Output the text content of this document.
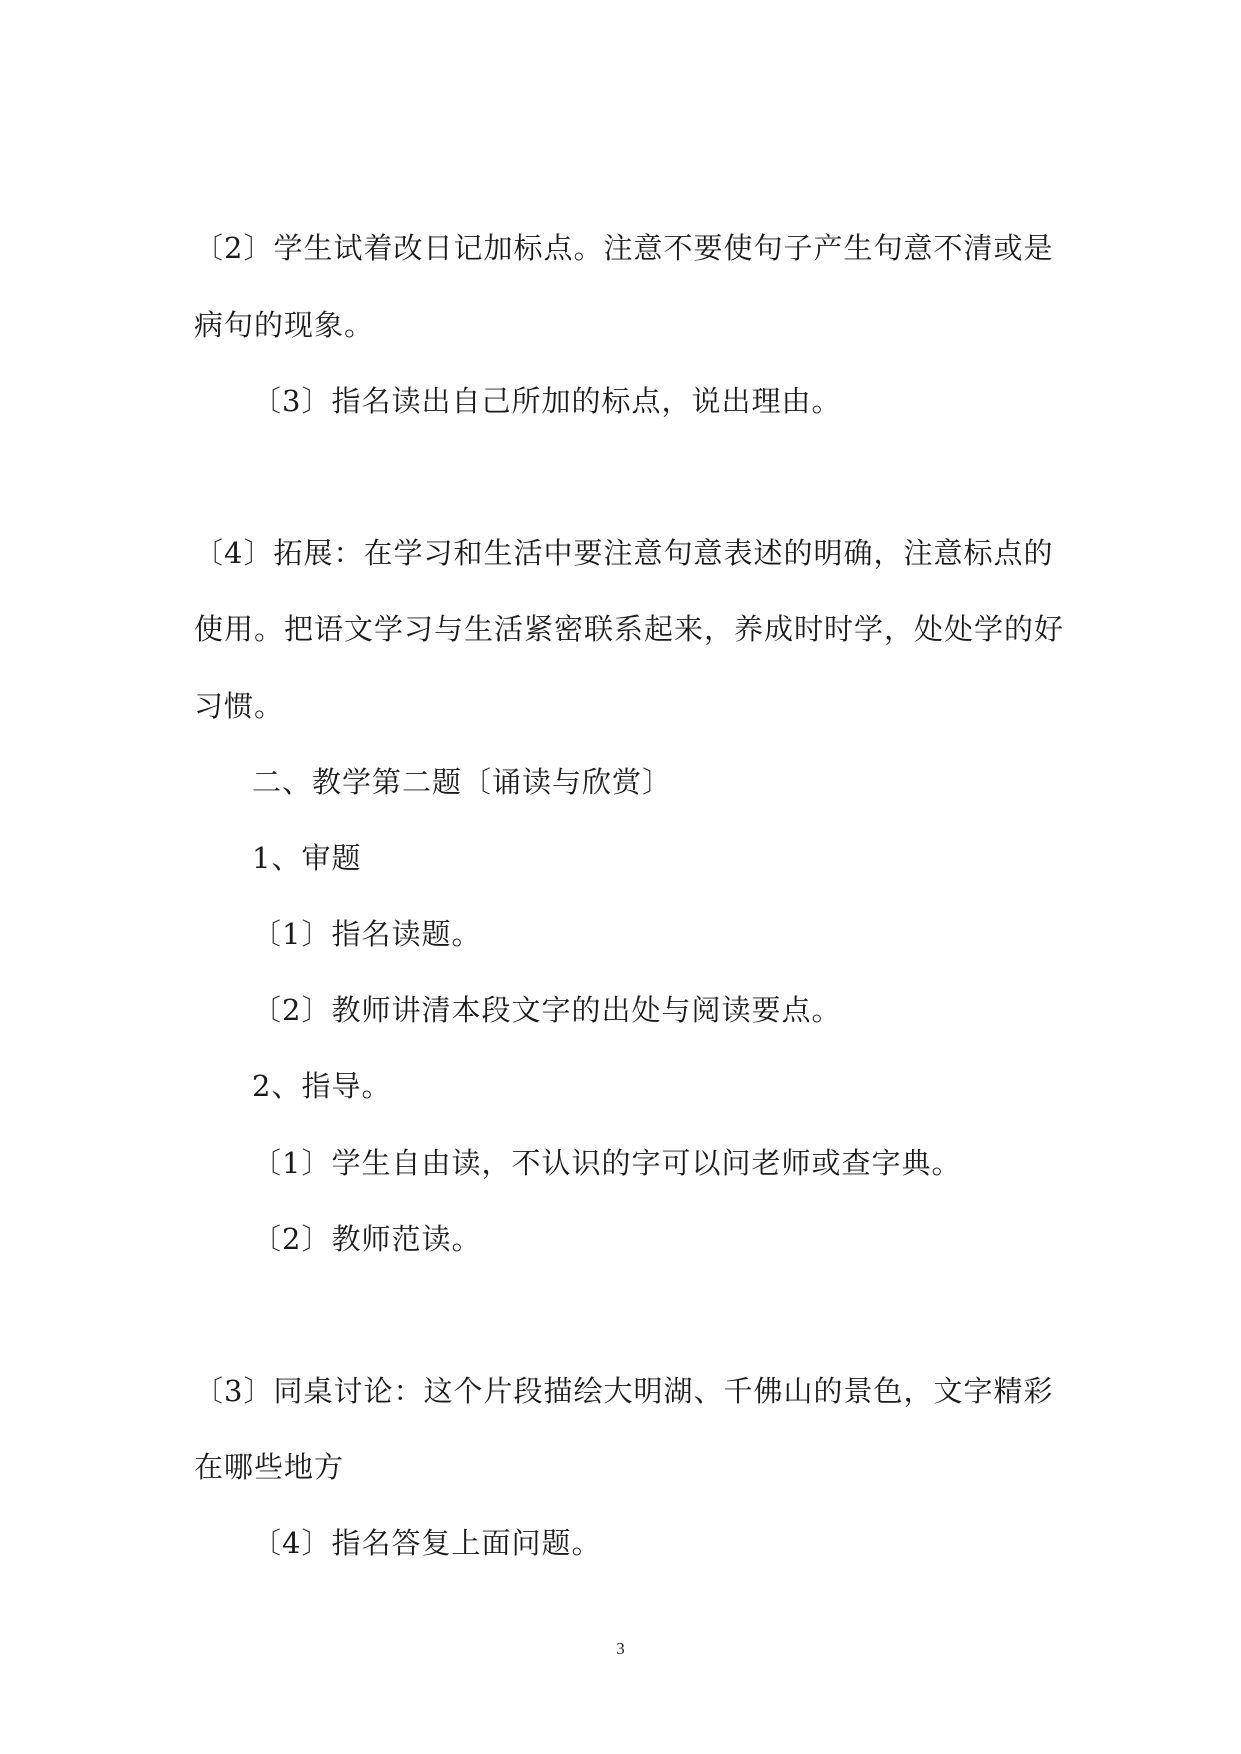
〔2〕学生试着改日记加标点。注意不要使句子产生句意不清或是
病句的现象。
〔3〕指名读出自己所加的标点，说出理由。
〔4〕拓展：在学习和生活中要注意句意表述的明确，注意标点的
使用。把语文学习与生活紧密联系起来，养成时时学，处处学的好
习惯。
二、教学第二题〔诵读与欣赏〕
1、审题
〔1〕指名读题。
〔2〕教师讲清本段文字的出处与阅读要点。
2、指导。
〔1〕学生自由读，不认识的字可以问老师或查字典。
〔2〕教师范读。
〔3〕同桌讨论：这个片段描绘大明湖、千佛山的景色，文字精彩
在哪些地方
〔4〕指名答复上面问题。
3
